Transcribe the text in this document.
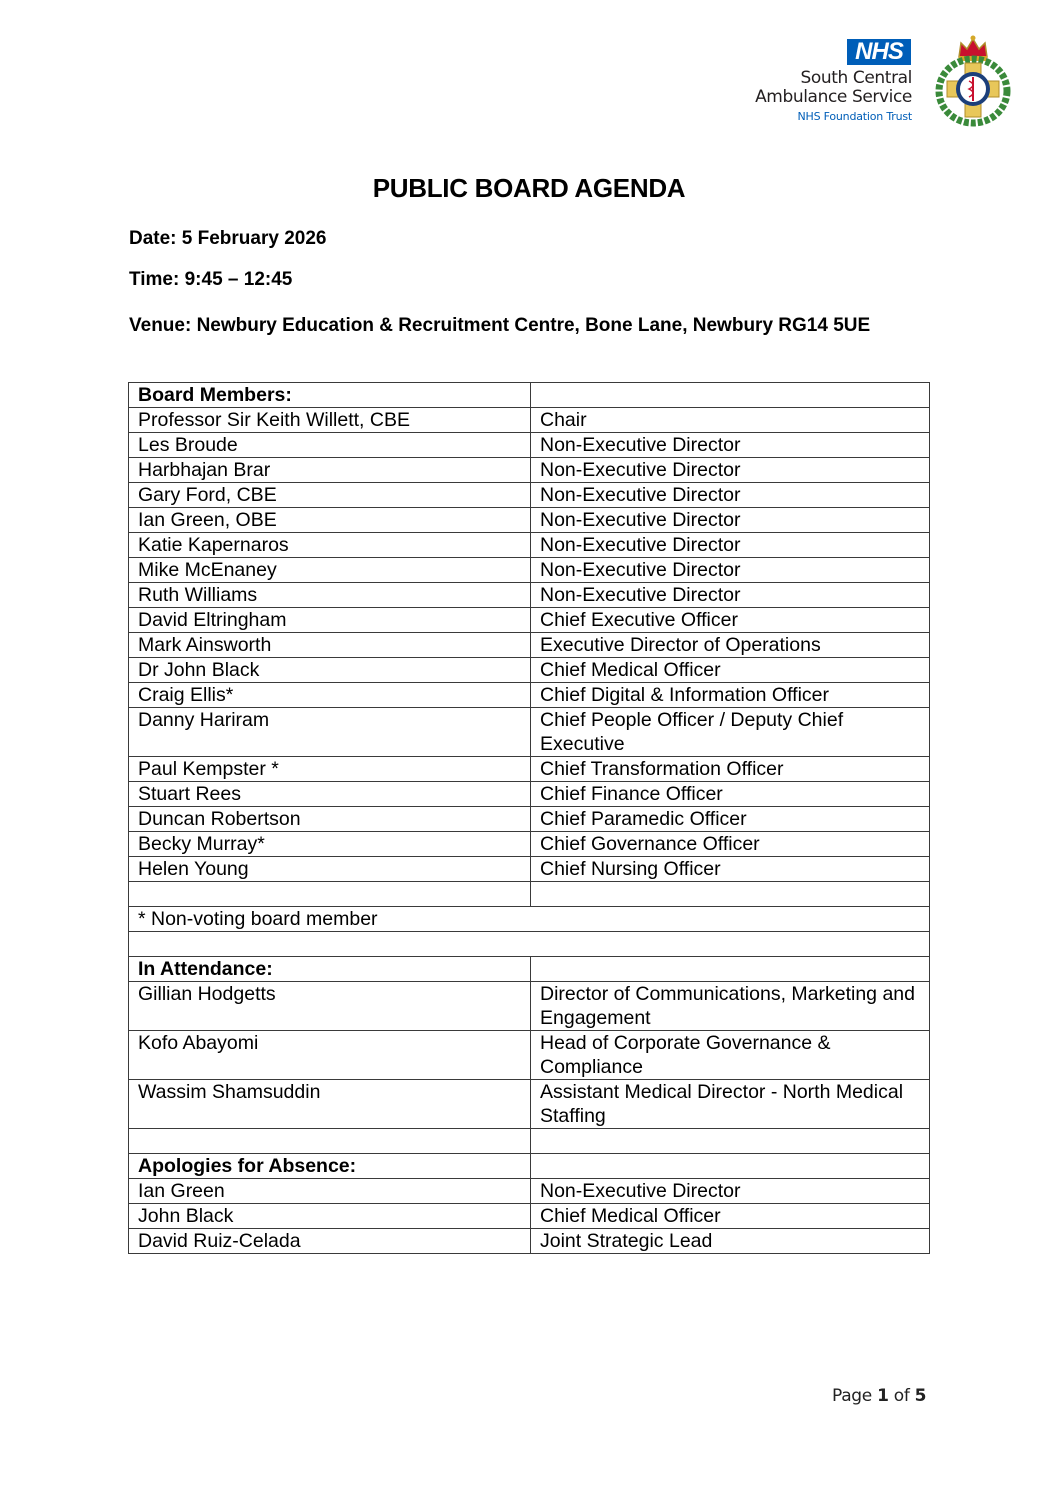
NHS
South Central
Ambulance Service
NHS Foundation Trust
PUBLIC BOARD AGENDA
Date: 5 February 2026
Time: 9:45 – 12:45
Venue: Newbury Education & Recruitment Centre, Bone Lane, Newbury RG14 5UE
Board Members:	
Professor Sir Keith Willett, CBE	Chair
Les Broude	Non-Executive Director
Harbhajan Brar	Non-Executive Director
Gary Ford, CBE	Non-Executive Director
Ian Green, OBE	Non-Executive Director
Katie Kapernaros	Non-Executive Director
Mike McEnaney	Non-Executive Director
Ruth Williams	Non-Executive Director
David Eltringham	Chief Executive Officer
Mark Ainsworth	Executive Director of Operations
Dr John Black	Chief Medical Officer
Craig Ellis*	Chief Digital & Information Officer
Danny Hariram	Chief People Officer / Deputy Chief Executive
Paul Kempster *	Chief Transformation Officer
Stuart Rees	Chief Finance Officer
Duncan Robertson	Chief Paramedic Officer
Becky Murray*	Chief Governance Officer
Helen Young	Chief Nursing Officer

* Non-voting board member	

In Attendance:	
Gillian Hodgetts	Director of Communications, Marketing and Engagement
Kofo Abayomi	Head of Corporate Governance & Compliance
Wassim Shamsuddin	Assistant Medical Director - North Medical Staffing

Apologies for Absence:	
Ian Green	Non-Executive Director
John Black	Chief Medical Officer
David Ruiz-Celada	Joint Strategic Lead
Page 1 of 5
